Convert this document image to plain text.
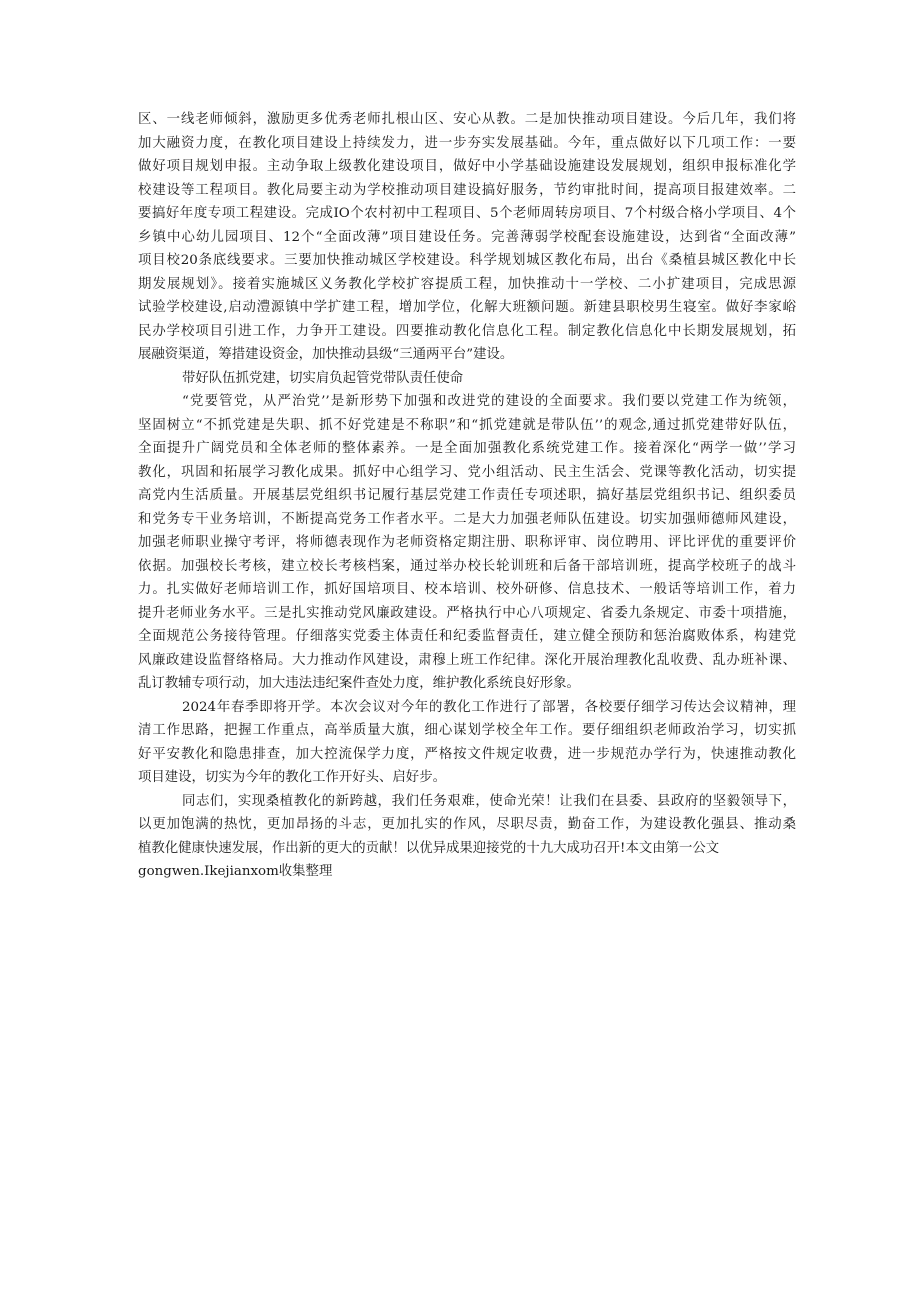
区、一线老师倾斜，激励更多优秀老师扎根山区、安心从教。二是加快推动项目建设。今后几年，我们将
加大融资力度，在教化项目建设上持续发力，进一步夯实发展基础。今年，重点做好以下几项工作：一要
做好项目规划申报。主动争取上级教化建设项目，做好中小学基础设施建设发展规划，组织申报标准化学
校建设等工程项目。教化局要主动为学校推动项目建设搞好服务，节约审批时间，提高项目报建效率。二
要搞好年度专项工程建设。完成IO个农村初中工程项目、5个老师周转房项目、7个村级合格小学项目、4个
乡镇中心幼儿园项目、12个“全面改薄”项目建设任务。完善薄弱学校配套设施建设，达到省“全面改薄”
项目校20条底线要求。三要加快推动城区学校建设。科学规划城区教化布局，出台《桑植县城区教化中长
期发展规划》。接着实施城区义务教化学校扩容提质工程，加快推动十一学校、二小扩建项目，完成思源
试验学校建设,启动澧源镇中学扩建工程，增加学位，化解大班额问题。新建县职校男生寝室。做好李家峪
民办学校项目引进工作，力争开工建设。四要推动教化信息化工程。制定教化信息化中长期发展规划，拓
展融资渠道，筹措建设资金，加快推动县级“三通两平台”建设。
带好队伍抓党建，切实肩负起管党带队责任使命
“党要管党，从严治党’’是新形势下加强和改进党的建设的全面要求。我们要以党建工作为统领，
坚固树立“不抓党建是失职、抓不好党建是不称职”和“抓党建就是带队伍’’的观念,通过抓党建带好队伍，
全面提升广阔党员和全体老师的整体素养。一是全面加强教化系统党建工作。接着深化“两学一做’’学习
教化，巩固和拓展学习教化成果。抓好中心组学习、党小组活动、民主生活会、党课等教化活动，切实提
高党内生活质量。开展基层党组织书记履行基层党建工作责任专项述职，搞好基层党组织书记、组织委员
和党务专干业务培训，不断提高党务工作者水平。二是大力加强老师队伍建设。切实加强师德师风建设，
加强老师职业操守考评，将师德表现作为老师资格定期注册、职称评审、岗位聘用、评比评优的重要评价
依据。加强校长考核，建立校长考核档案，通过举办校长轮训班和后备干部培训班，提高学校班子的战斗
力。扎实做好老师培训工作，抓好国培项目、校本培训、校外研修、信息技术、一般话等培训工作，着力
提升老师业务水平。三是扎实推动党风廉政建设。严格执行中心八项规定、省委九条规定、市委十项措施，
全面规范公务接待管理。仔细落实党委主体责任和纪委监督责任，建立健全预防和惩治腐败体系，构建党
风廉政建设监督络格局。大力推动作风建设，肃穆上班工作纪律。深化开展治理教化乱收费、乱办班补课、
乱订教辅专项行动，加大违法违纪案件查处力度，维护教化系统良好形象。
2024年春季即将开学。本次会议对今年的教化工作进行了部署，各校要仔细学习传达会议精神，理
清工作思路，把握工作重点，高举质量大旗，细心谋划学校全年工作。要仔细组织老师政治学习，切实抓
好平安教化和隐患排查，加大控流保学力度，严格按文件规定收费，进一步规范办学行为，快速推动教化
项目建设，切实为今年的教化工作开好头、启好步。
同志们，实现桑植教化的新跨越，我们任务艰难，使命光荣！让我们在县委、县政府的坚毅领导下，
以更加饱满的热忱，更加昂扬的斗志，更加扎实的作风，尽职尽责，勤奋工作，为建设教化强县、推动桑
植教化健康快速发展，作出新的更大的贡献！以优异成果迎接党的十九大成功召开!本文由第一公文
gongwen.Ikejianxom收集整理
